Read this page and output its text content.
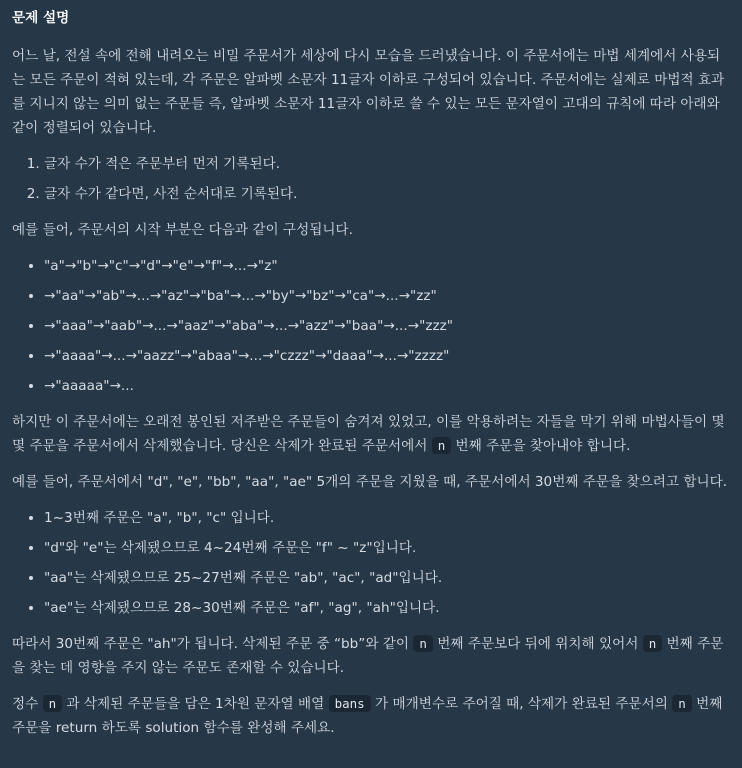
문제 설명

어느 날, 전설 속에 전해 내려오는 비밀 주문서가 세상에 다시 모습을 드러냈습니다. 이 주문서에는 마법 세계에서 사용되는 모든 주문이 적혀 있는데, 각 주문은 알파벳 소문자 11글자 이하로 구성되어 있습니다. 주문서에는 실제로 마법적 효과를 지니지 않는 의미 없는 주문들 즉, 알파벳 소문자 11글자 이하로 쓸 수 있는 모든 문자열이 고대의 규칙에 따라 아래와 같이 정렬되어 있습니다.

1. 글자 수가 적은 주문부터 먼저 기록된다.
2. 글자 수가 같다면, 사전 순서대로 기록된다.

예를 들어, 주문서의 시작 부분은 다음과 같이 구성됩니다.

• "a"→"b"→"c"→"d"→"e"→"f"→...→"z"
• →"aa"→"ab"→...→"az"→"ba"→...→"by"→"bz"→"ca"→...→"zz"
• →"aaa"→"aab"→...→"aaz"→"aba"→...→"azz"→"baa"→...→"zzz"
• →"aaaa"→...→"aazz"→"abaa"→...→"czzz"→"daaa"→...→"zzzz"
• →"aaaaa"→...

하지만 이 주문서에는 오래전 봉인된 저주받은 주문들이 숨겨져 있었고, 이를 악용하려는 자들을 막기 위해 마법사들이 몇몇 주문을 주문서에서 삭제했습니다. 당신은 삭제가 완료된 주문서에서 n 번째 주문을 찾아내야 합니다.

예를 들어, 주문서에서 "d", "e", "bb", "aa", "ae" 5개의 주문을 지웠을 때, 주문서에서 30번째 주문을 찾으려고 합니다.

• 1~3번째 주문은 "a", "b", "c" 입니다.
• "d"와 "e"는 삭제됐으므로 4~24번째 주문은 "f" ~ "z"입니다.
• "aa"는 삭제됐으므로 25~27번째 주문은 "ab", "ac", "ad"입니다.
• "ae"는 삭제됐으므로 28~30번째 주문은 "af", "ag", "ah"입니다.

따라서 30번째 주문은 "ah"가 됩니다. 삭제된 주문 중 “bb”와 같이 n 번째 주문보다 뒤에 위치해 있어서 n 번째 주문을 찾는 데 영향을 주지 않는 주문도 존재할 수 있습니다.

정수 n 과 삭제된 주문들을 담은 1차원 문자열 배열 bans 가 매개변수로 주어질 때, 삭제가 완료된 주문서의 n 번째 주문을 return 하도록 solution 함수를 완성해 주세요.
